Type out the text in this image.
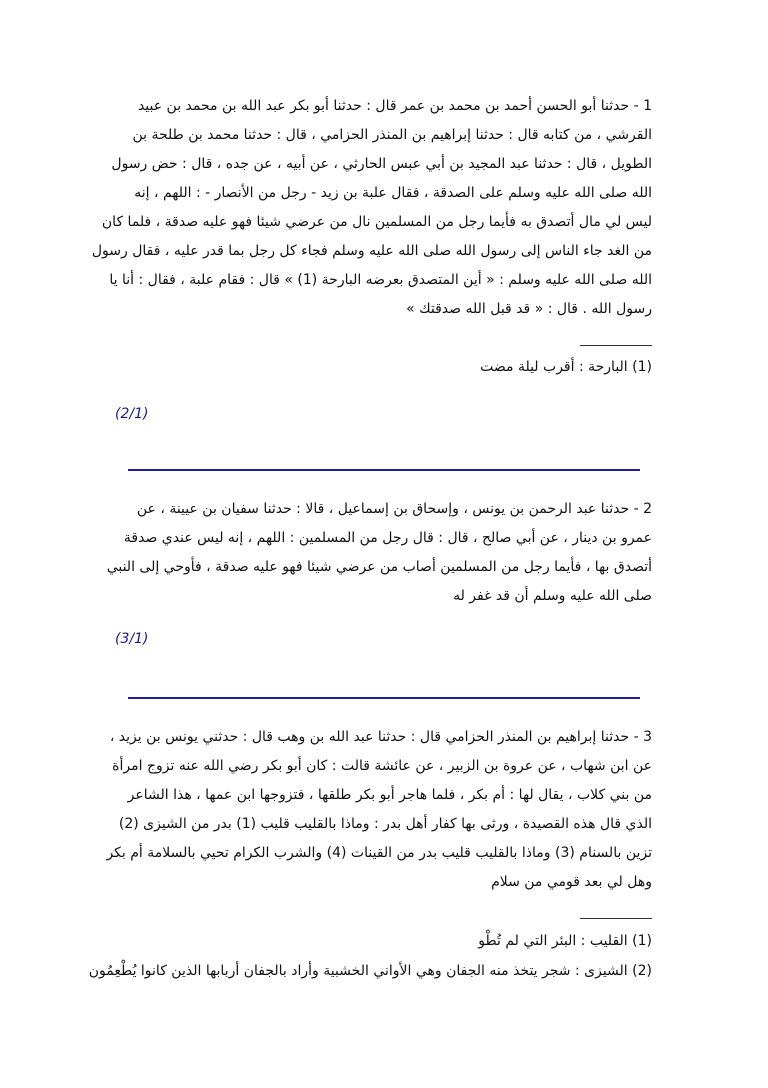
1 - حدثنا أبو الحسن أحمد بن محمد بن عمر قال : حدثنا أبو بكر عبد الله بن محمد بن عبيد
القرشي ، من كتابه قال : حدثنا إبراهيم بن المنذر الحزامي ، قال : حدثنا محمد بن طلحة بن
الطويل ، قال : حدثنا عبد المجيد بن أبي عبس الحارثي ، عن أبيه ، عن جده ، قال : حض رسول
الله صلى الله عليه وسلم على الصدقة ، فقال علبة بن زيد - رجل من الأنصار - : اللهم ، إنه
ليس لي مال أتصدق به فأيما رجل من المسلمين نال من عرضي شيئا فهو عليه صدقة ، فلما كان
من الغد جاء الناس إلى رسول الله صلى الله عليه وسلم فجاء كل رجل بما قدر عليه ، فقال رسول
الله صلى الله عليه وسلم : « أين المتصدق بعرضه البارحة (1) » قال : فقام علبة ، فقال : أنا يا
رسول الله . قال : « قد قبل الله صدقتك »
(1) البارحة : أقرب ليلة مضت
(2/1)
2 - حدثنا عبد الرحمن بن يونس ، وإسحاق بن إسماعيل ، قالا : حدثنا سفيان بن عيينة ، عن
عمرو بن دينار ، عن أبي صالح ، قال : قال رجل من المسلمين : اللهم ، إنه ليس عندي صدقة
أتصدق بها ، فأيما رجل من المسلمين أصاب من عرضي شيئا فهو عليه صدقة ، فأوحي إلى النبي
صلى الله عليه وسلم أن قد غفر له
(3/1)
3 - حدثنا إبراهيم بن المنذر الحزامي قال : حدثنا عبد الله بن وهب قال : حدثني يونس بن يزيد ،
عن ابن شهاب ، عن عروة بن الزبير ، عن عائشة قالت : كان أبو بكر رضي الله عنه تزوج امرأة
من بني كلاب ، يقال لها : أم بكر ، فلما هاجر أبو بكر طلقها ، فتزوجها ابن عمها ، هذا الشاعر
الذي قال هذه القصيدة ، ورثى بها كفار أهل بدر : وماذا بالقليب قليب (1) بدر من الشيزى (2)
تزين بالسنام (3) وماذا بالقليب قليب بدر من القينات (4) والشرب الكرام تحيي بالسلامة أم بكر
وهل لي بعد قومي من سلام
(1) القليب : البئر التي لم تُطْو
(2) الشيزى : شجر يتخذ منه الجفان وهي الأواني الخشبية وأراد بالجفان أربابها الذين كانوا يُطْعِمُون
